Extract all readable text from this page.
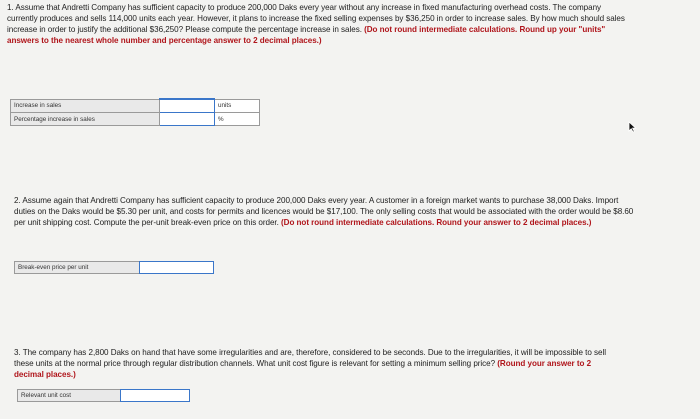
1. Assume that Andretti Company has sufficient capacity to produce 200,000 Daks every year without any increase in fixed manufacturing overhead costs. The company currently produces and sells 114,000 units each year. However, it plans to increase the fixed selling expenses by $36,250 in order to increase sales. By how much should sales increase in order to justify the additional $36,250? Please compute the percentage increase in sales. (Do not round intermediate calculations. Round up your "units" answers to the nearest whole number and percentage answer to 2 decimal places.)
Increase in sales		units
Percentage increase in sales		%
2. Assume again that Andretti Company has sufficient capacity to produce 200,000 Daks every year. A customer in a foreign market wants to purchase 38,000 Daks. Import duties on the Daks would be $5.30 per unit, and costs for permits and licences would be $17,100. The only selling costs that would be associated with the order would be $8.60 per unit shipping cost. Compute the per-unit break-even price on this order. (Do not round intermediate calculations. Round your answer to 2 decimal places.)
Break-even price per unit
3. The company has 2,800 Daks on hand that have some irregularities and are, therefore, considered to be seconds. Due to the irregularities, it will be impossible to sell these units at the normal price through regular distribution channels. What unit cost figure is relevant for setting a minimum selling price? (Round your answer to 2 decimal places.)
Relevant unit cost
